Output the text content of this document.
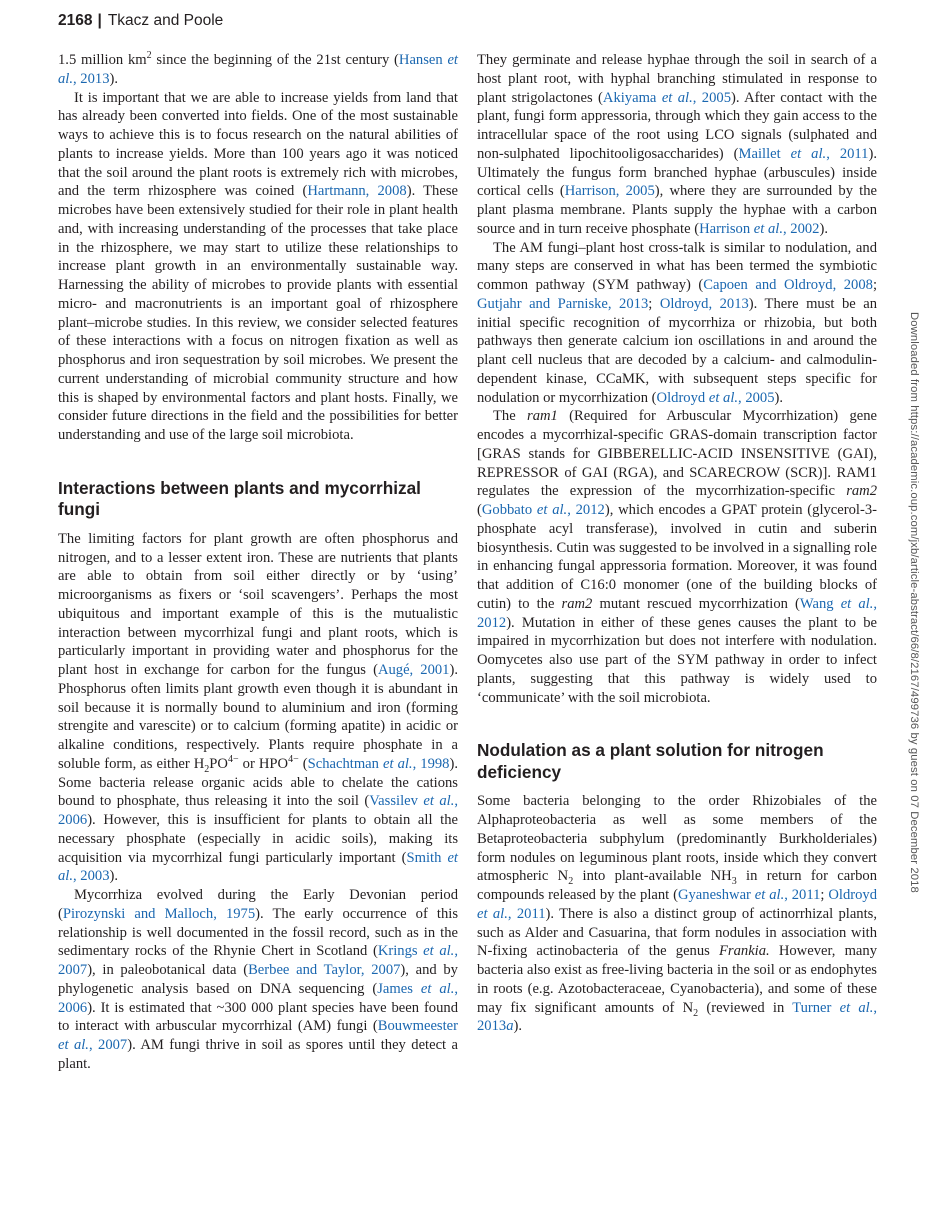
2168 | Tkacz and Poole
Downloaded from https://academic.oup.com/jxb/article-abstract/66/8/2167/499736 by guest on 07 December 2018

1.5 million $km^2$ since the beginning of the 21st century (Hansen et al., 2013).

It is important that we are able to increase yields from land that has already been converted into fields. One of the most sustainable ways to achieve this is to focus research on the natural abilities of plants to increase yields. More than 100 years ago it was noticed that the soil around the plant roots is extremely rich with microbes, and the term rhizosphere was coined (Hartmann, 2008). These microbes have been extensively studied for their role in plant health and, with increasing understanding of the processes that take place in the rhizosphere, we may start to utilize these relationships to increase plant growth in an environmentally sustainable way. Harnessing the ability of microbes to provide plants with essential micro- and macronutrients is an important goal of rhizosphere plant–microbe studies. In this review, we consider selected features of these interactions with a focus on nitrogen fixation as well as phosphorus and iron sequestration by soil microbes. We present the current understanding of microbial community structure and how this is shaped by environmental factors and plant hosts. Finally, we consider future directions in the field and the possibilities for better understanding and use of the large soil microbiota.

Interactions between plants and mycorrhizal fungi

The limiting factors for plant growth are often phosphorus and nitrogen, and to a lesser extent iron. These are nutrients that plants are able to obtain from soil either directly or by ‘using’ microorganisms as fixers or ‘soil scavengers’. Perhaps the most ubiquitous and important example of this is the mutualistic interaction between mycorrhizal fungi and plant roots, which is particularly important in providing water and phosphorus for the plant host in exchange for carbon for the fungus (Augé, 2001). Phosphorus often limits plant growth even though it is abundant in soil because it is normally bound to aluminium and iron (forming strengite and varescite) or to calcium (forming apatite) in acidic or alkaline conditions, respectively. Plants require phosphate in a soluble form, as either $H_2PO^{4-}$ or $HPO^{4-}$ (Schachtman et al., 1998). Some bacteria release organic acids able to chelate the cations bound to phosphate, thus releasing it into the soil (Vassilev et al., 2006). However, this is insufficient for plants to obtain all the necessary phosphate (especially in acidic soils), making its acquisition via mycorrhizal fungi particularly important (Smith et al., 2003).

Mycorrhiza evolved during the Early Devonian period (Pirozynski and Malloch, 1975). The early occurrence of this relationship is well documented in the fossil record, such as in the sedimentary rocks of the Rhynie Chert in Scotland (Krings et al., 2007), in paleobotanical data (Berbee and Taylor, 2007), and by phylogenetic analysis based on DNA sequencing (James et al., 2006). It is estimated that ~300 000 plant species have been found to interact with arbuscular mycorrhizal (AM) fungi (Bouwmeester et al., 2007). AM fungi thrive in soil as spores until they detect a plant.

They germinate and release hyphae through the soil in search of a host plant root, with hyphal branching stimulated in response to plant strigolactones (Akiyama et al., 2005). After contact with the plant, fungi form appressoria, through which they gain access to the intracellular space of the root using LCO signals (sulphated and non-sulphated lipochitooligosaccharides) (Maillet et al., 2011). Ultimately the fungus form branched hyphae (arbuscules) inside cortical cells (Harrison, 2005), where they are surrounded by the plant plasma membrane. Plants supply the hyphae with a carbon source and in turn receive phosphate (Harrison et al., 2002).

The AM fungi–plant host cross-talk is similar to nodulation, and many steps are conserved in what has been termed the symbiotic common pathway (SYM pathway) (Capoen and Oldroyd, 2008; Gutjahr and Parniske, 2013; Oldroyd, 2013). There must be an initial specific recognition of mycorrhiza or rhizobia, but both pathways then generate calcium ion oscillations in and around the plant cell nucleus that are decoded by a calcium- and calmodulin-dependent kinase, CCaMK, with subsequent steps specific for nodulation or mycorrhization (Oldroyd et al., 2005).

The ram1 (Required for Arbuscular Mycorrhization) gene encodes a mycorrhizal-specific GRAS-domain transcription factor [GRAS stands for GIBBERELLIC-ACID INSENSITIVE (GAI), REPRESSOR of GAI (RGA), and SCARECROW (SCR)]. RAM1 regulates the expression of the mycorrhization-specific ram2 (Gobbato et al., 2012), which encodes a GPAT protein (glycerol-3-phosphate acyl transferase), involved in cutin and suberin biosynthesis. Cutin was suggested to be involved in a signalling role in enhancing fungal appressoria formation. Moreover, it was found that addition of C16:0 monomer (one of the building blocks of cutin) to the ram2 mutant rescued mycorrhization (Wang et al., 2012). Mutation in either of these genes causes the plant to be impaired in mycorrhization but does not interfere with nodulation. Oomycetes also use part of the SYM pathway in order to infect plants, suggesting that this pathway is widely used to ‘communicate’ with the soil microbiota.

Nodulation as a plant solution for nitrogen deficiency

Some bacteria belonging to the order Rhizobiales of the Alphaproteobacteria as well as some members of the Betaproteobacteria subphylum (predominantly Burkholderiales) form nodules on leguminous plant roots, inside which they convert atmospheric $N_2$ into plant-available $NH_3$ in return for carbon compounds released by the plant (Gyaneshwar et al., 2011; Oldroyd et al., 2011). There is also a distinct group of actinorrhizal plants, such as Alder and Casuarina, that form nodules in association with N-fixing actinobacteria of the genus Frankia. However, many bacteria also exist as free-living bacteria in the soil or as endophytes in roots (e.g. Azotobacteraceae, Cyanobacteria), and some of these may fix significant amounts of $N_2$ (reviewed in Turner et al., 2013a).
